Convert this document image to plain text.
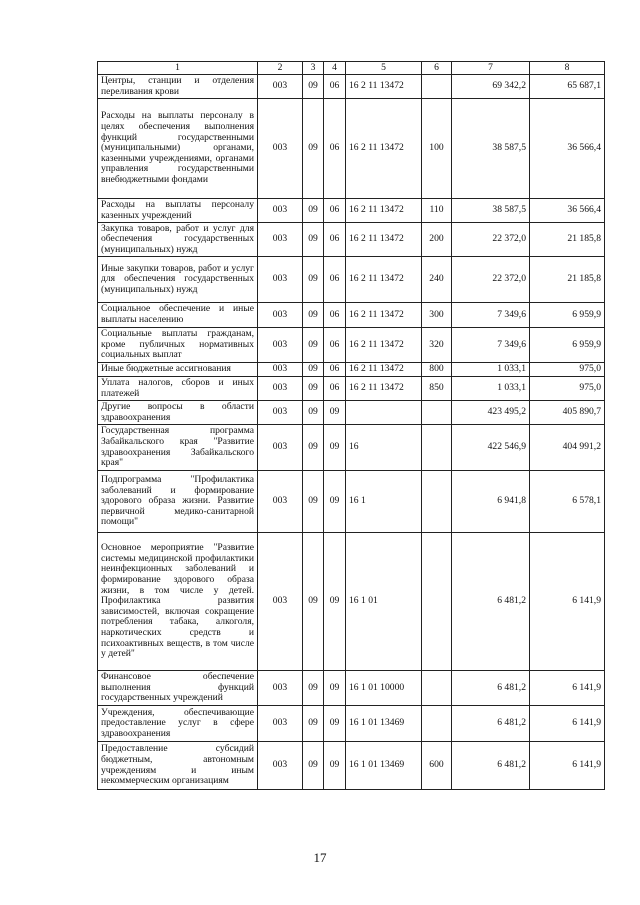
1	2	3	4	5	6	7	8
Центры, станции и отделения переливания крови	003	09	06	16 2 11 13472		69 342,2	65 687,1
Расходы на выплаты персоналу в целях обеспечения выполнения функций государственными (муниципальными) органами, казенными учреждениями, органами управления государственными внебюджетными фондами	003	09	06	16 2 11 13472	100	38 587,5	36 566,4
Расходы на выплаты персоналу казенных учреждений	003	09	06	16 2 11 13472	110	38 587,5	36 566,4
Закупка товаров, работ и услуг для обеспечения государственных (муниципальных) нужд	003	09	06	16 2 11 13472	200	22 372,0	21 185,8
Иные закупки товаров, работ и услуг для обеспечения государственных (муниципальных) нужд	003	09	06	16 2 11 13472	240	22 372,0	21 185,8
Социальное обеспечение и иные выплаты населению	003	09	06	16 2 11 13472	300	7 349,6	6 959,9
Социальные выплаты гражданам, кроме публичных нормативных социальных выплат	003	09	06	16 2 11 13472	320	7 349,6	6 959,9
Иные бюджетные ассигнования	003	09	06	16 2 11 13472	800	1 033,1	975,0
Уплата налогов, сборов и иных платежей	003	09	06	16 2 11 13472	850	1 033,1	975,0
Другие вопросы в области здравоохранения	003	09	09			423 495,2	405 890,7
Государственная программа Забайкальского края "Развитие здравоохранения Забайкальского края"	003	09	09	16		422 546,9	404 991,2
Подпрограмма "Профилактика заболеваний и формирование здорового образа жизни. Развитие первичной медико-санитарной помощи"	003	09	09	16 1		6 941,8	6 578,1
Основное мероприятие "Развитие системы медицинской профилактики неинфекционных заболеваний и формирование здорового образа жизни, в том числе у детей. Профилактика развития зависимостей, включая сокращение потребления табака, алкоголя, наркотических средств и психоактивных веществ, в том числе у детей"	003	09	09	16 1 01		6 481,2	6 141,9
Финансовое обеспечение выполнения функций государственных учреждений	003	09	09	16 1 01 10000		6 481,2	6 141,9
Учреждения, обеспечивающие предоставление услуг в сфере здравоохранения	003	09	09	16 1 01 13469		6 481,2	6 141,9
Предоставление субсидий бюджетным, автономным учреждениям и иным некоммерческим организациям	003	09	09	16 1 01 13469	600	6 481,2	6 141,9
17
